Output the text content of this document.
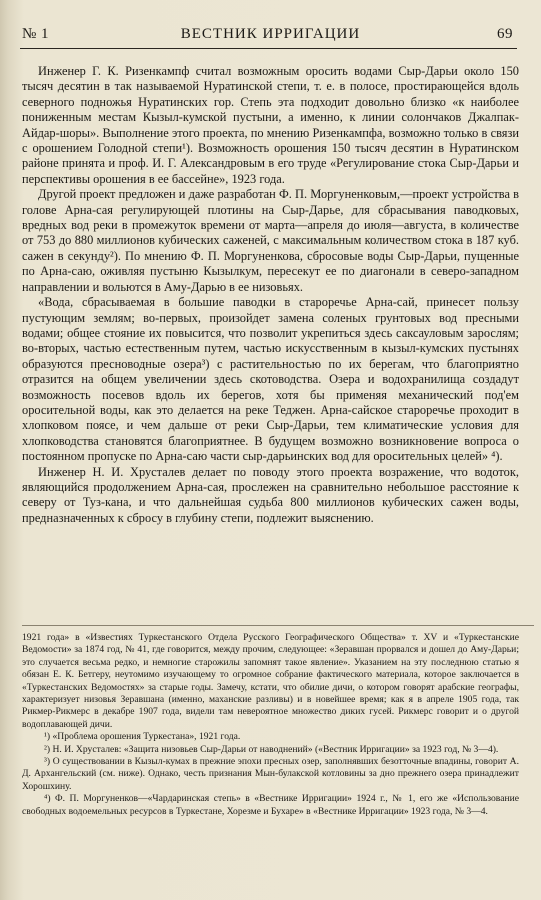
№ 1	ВЕСТНИК ИРРИГАЦИИ	69

Инженер Г. К. Ризенкампф считал возможным оросить водами Сыр-Дарьи около 150 тысяч десятин в так называемой Нуратинской степи, т. е. в полосе, простирающейся вдоль северного подножья Нуратинских гор. Степь эта подходит довольно близко «к наиболее пониженным местам Кызыл-кумской пустыни, а именно, к линии солончаков Джалпак-Айдар-шоры». Выполнение этого проекта, по мнению Ризенкампфа, возможно только в связи с орошением Голодной степи¹). Возможность орошения 150 тысяч десятин в Нуратинском районе принята и проф. И. Г. Александровым в его труде «Регулирование стока Сыр-Дарьи и перспективы орошения в ее бассейне», 1923 года.

Другой проект предложен и даже разработан Ф. П. Моргуненковым,—проект устройства в голове Арна-сая регулирующей плотины на Сыр-Дарье, для сбрасывания паводковых, вредных вод реки в промежуток времени от марта—апреля до июля—августа, в количестве от 753 до 880 миллионов кубических саженей, с максимальным количеством стока в 187 куб. сажен в секунду²). По мнению Ф. П. Моргуненкова, сбросовые воды Сыр-Дарьи, пущенные по Арна-саю, оживляя пустыню Кызылкум, пересекут ее по диагонали в северо-западном направлении и вольются в Аму-Дарью в ее низовьях.

«Вода, сбрасываемая в большие паводки в староречье Арна-сай, принесет пользу пустующим землям; во-первых, произойдет замена соленых грунтовых вод пресными водами; общее стояние их повысится, что позволит укрепиться здесь саксауловым зарослям; во-вторых, частью естественным путем, частью искусственным в кызыл-кумских пустынях образуются пресноводные озера³) с растительностью по их берегам, что благоприятно отразится на общем увеличении здесь скотоводства. Озера и водохранилища создадут возможность посевов вдоль их берегов, хотя бы применяя механический под'ем оросительной воды, как это делается на реке Теджен. Арна-сайское староречье проходит в хлопковом поясе, и чем дальше от реки Сыр-Дарьи, тем климатические условия для хлопководства становятся благоприятнее. В будущем возможно возникновение вопроса о постоянном пропуске по Арна-саю части сыр-дарьинских вод для оросительных целей» ⁴).

Инженер Н. И. Хрусталев делает по поводу этого проекта возражение, что водоток, являющийся продолжением Арна-сая, прослежен на сравнительно небольшое расстояние к северу от Туз-кана, и что дальнейшая судьба 800 миллионов кубических сажен воды, предназначенных к сбросу в глубину степи, подлежит выяснению.

1921 года» в «Известиях Туркестанского Отдела Русского Географического Общества» т. XV и «Туркестанские Ведомости» за 1874 год, № 41, где говорится, между прочим, следующее: «Зеравшан прорвался и дошел до Аму-Дарьи; это случается весьма редко, и немногие старожилы запомнят такое явление». Указанием на эту последнюю статью я обязан Е. К. Бетгеру, неутомимо изучающему то огромное собрание фактического материала, которое заключается в «Туркестанских Ведомостях» за старые годы. Замечу, кстати, что обилие дичи, о котором говорят арабские географы, характеризует низовья Зеравшана (именно, маханские разливы) и в новейшее время; как я в апреле 1905 года, так Рикмер-Рикмерс в декабре 1907 года, видели там невероятное множество диких гусей. Рикмерс говорит и о другой водоплавающей дичи.

¹) «Проблема орошения Туркестана», 1921 года.

²) Н. И. Хрусталев: «Защита низовьев Сыр-Дарьи от наводнений» («Вестник Ирригации» за 1923 год, № 3—4).

³) О существовании в Кызыл-кумах в прежние эпохи пресных озер, заполнявших безотточные впадины, говорит А. Д. Архангельский (см. ниже). Однако, честь признания Мын-булакской котловины за дно прежнего озера принадлежит Хорошхину.

⁴) Ф. П. Моргуненков—«Чардаринская степь» в «Вестнике Ирригации» 1924 г., № 1, его же «Использование свободных водоемельных ресурсов в Туркестане, Хорезме и Бухаре» в «Вестнике Ирригации» 1923 года, № 3—4.
